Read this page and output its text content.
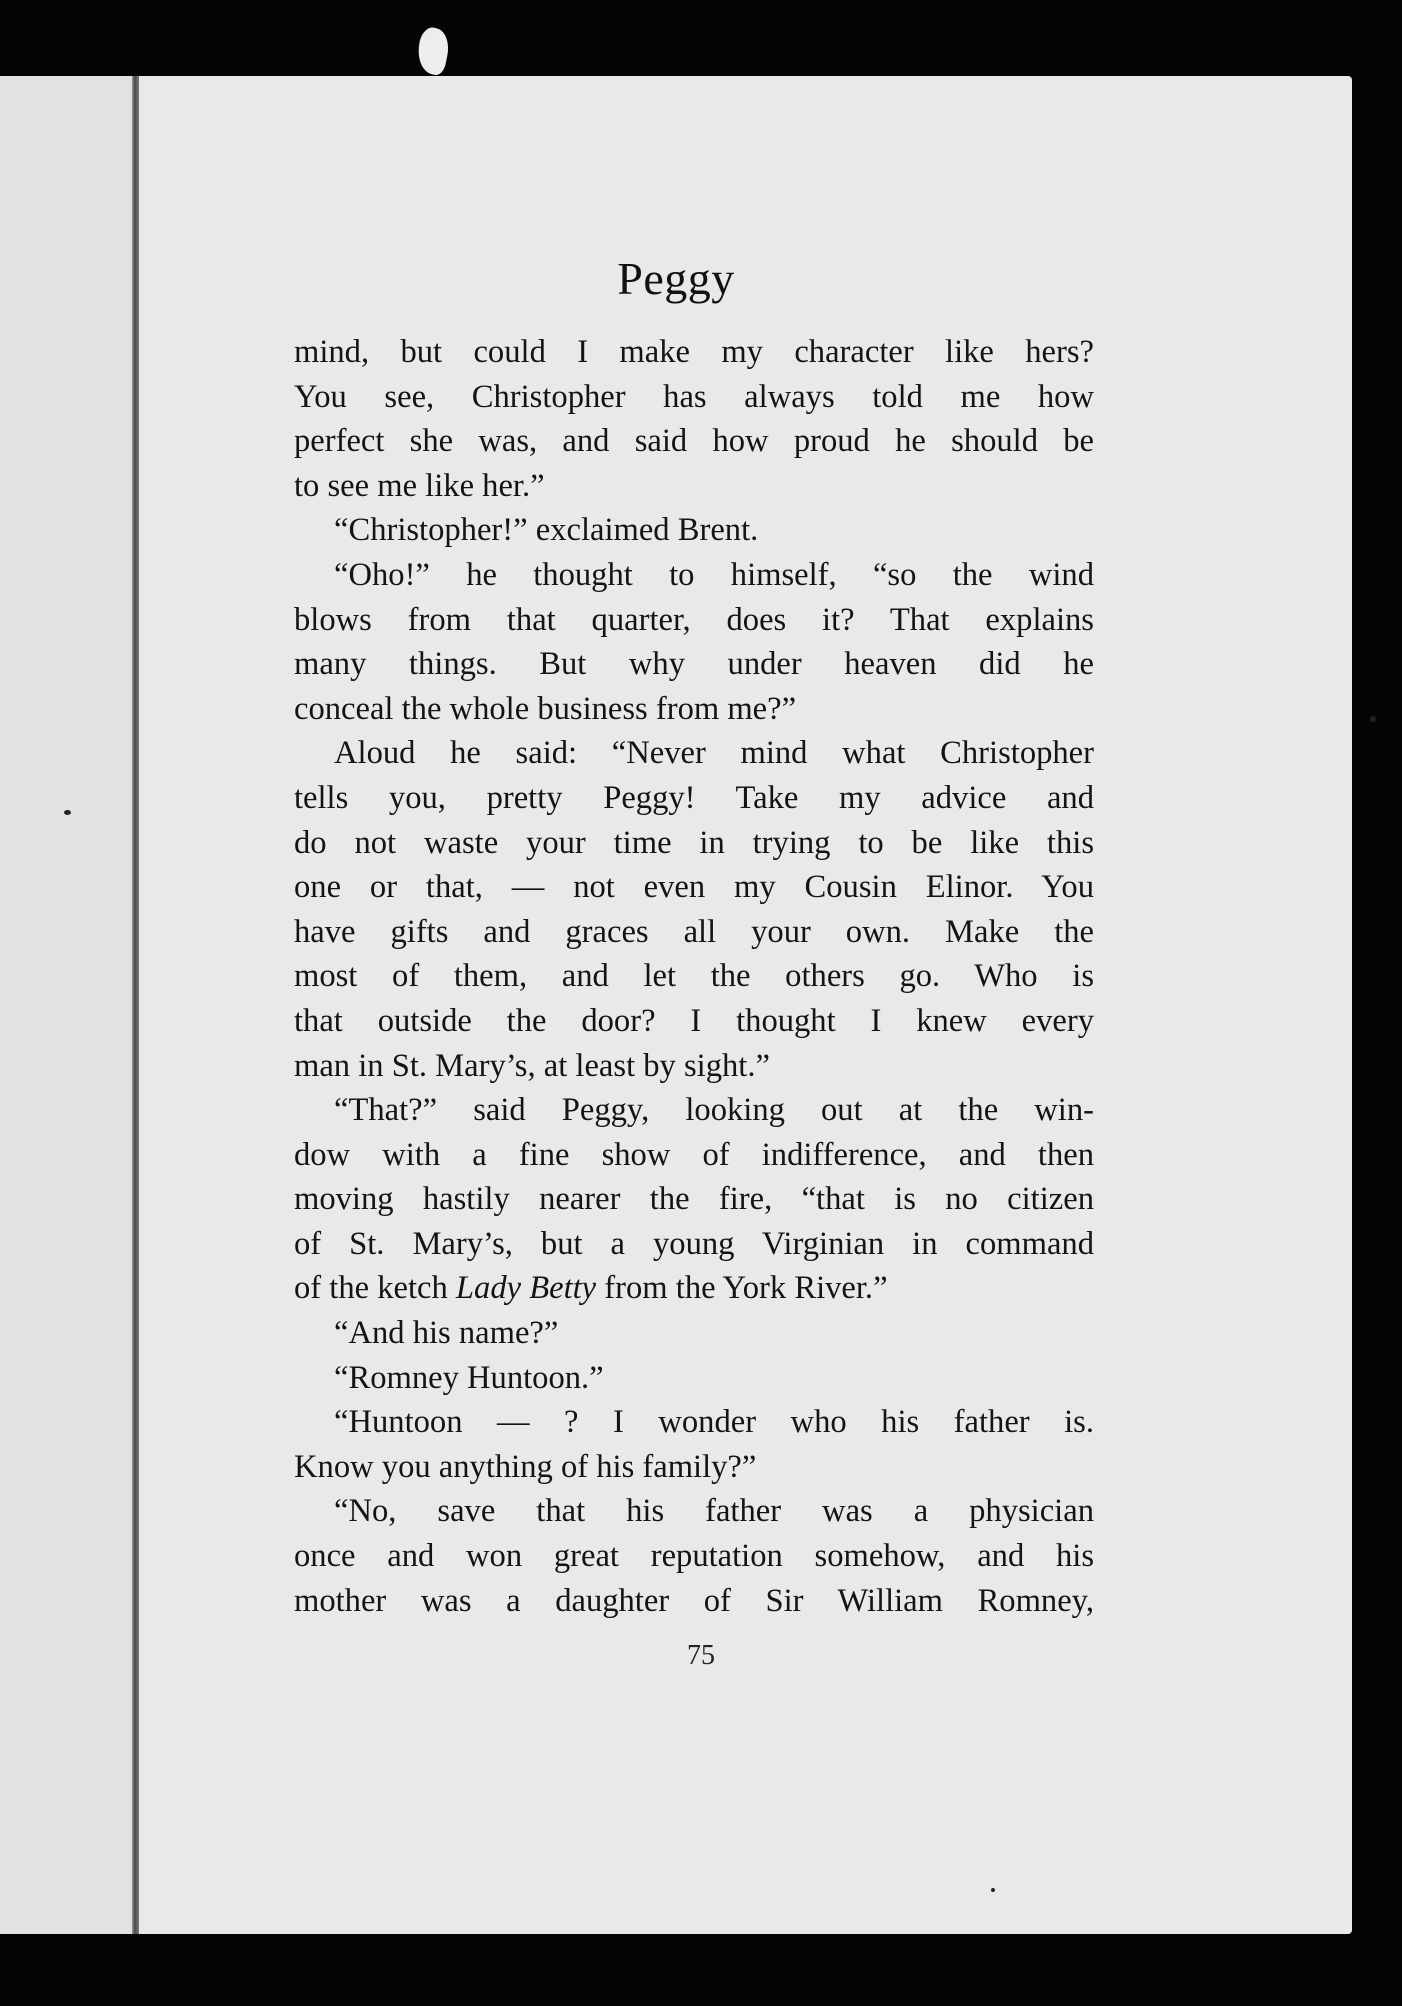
Peggy
mind, but could I make my character like hers?
You see, Christopher has always told me how
perfect she was, and said how proud he should be
to see me like her.”
“Christopher!” exclaimed Brent.
“Oho!” he thought to himself, “so the wind
blows from that quarter, does it? That explains
many things. But why under heaven did he
conceal the whole business from me?”
Aloud he said: “Never mind what Christopher
tells you, pretty Peggy! Take my advice and
do not waste your time in trying to be like this
one or that, — not even my Cousin Elinor. You
have gifts and graces all your own. Make the
most of them, and let the others go. Who is
that outside the door? I thought I knew every
man in St. Mary’s, at least by sight.”
“That?” said Peggy, looking out at the win-
dow with a fine show of indifference, and then
moving hastily nearer the fire, “that is no citizen
of St. Mary’s, but a young Virginian in command
of the ketch Lady Betty from the York River.”
“And his name?”
“Romney Huntoon.”
“Huntoon — ? I wonder who his father is.
Know you anything of his family?”
“No, save that his father was a physician
once and won great reputation somehow, and his
mother was a daughter of Sir William Romney,
75
